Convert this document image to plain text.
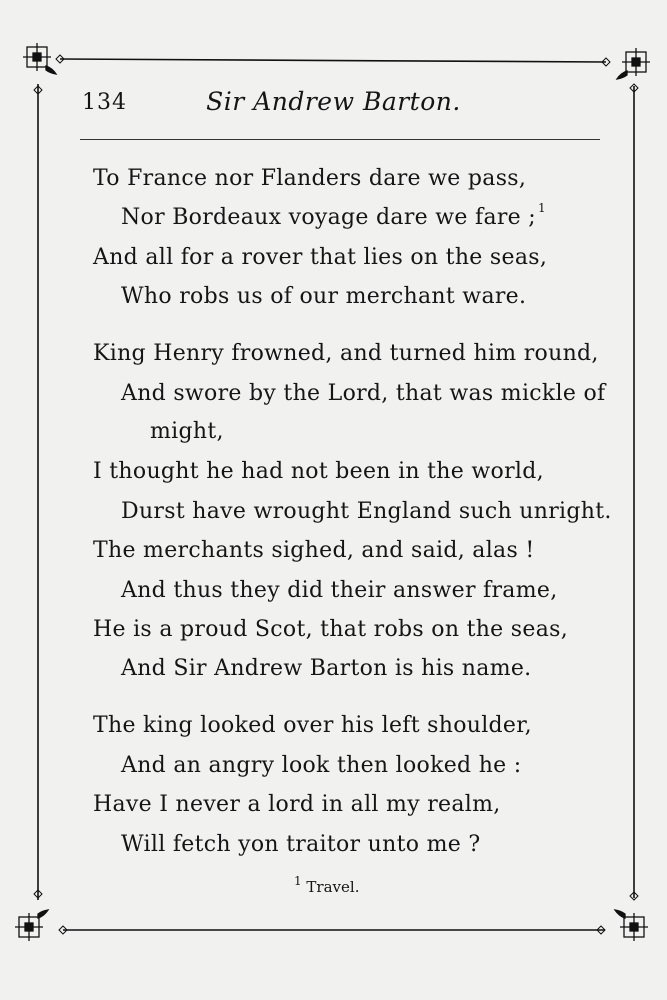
134	Sir Andrew Barton.
To France nor Flanders dare we pass,
Nor Bordeaux voyage dare we fare ; $^1$
And all for a rover that lies on the seas,
Who robs us of our merchant ware.
King Henry frowned, and turned him round,
And swore by the Lord, that was mickle of
might,
I thought he had not been in the world,
Durst have wrought England such unright.
The merchants sighed, and said, alas !
And thus they did their answer frame,
He is a proud Scot, that robs on the seas,
And Sir Andrew Barton is his name.
The king looked over his left shoulder,
And an angry look then looked he :
Have I never a lord in all my realm,
Will fetch yon traitor unto me ?
$^1$ Travel.
